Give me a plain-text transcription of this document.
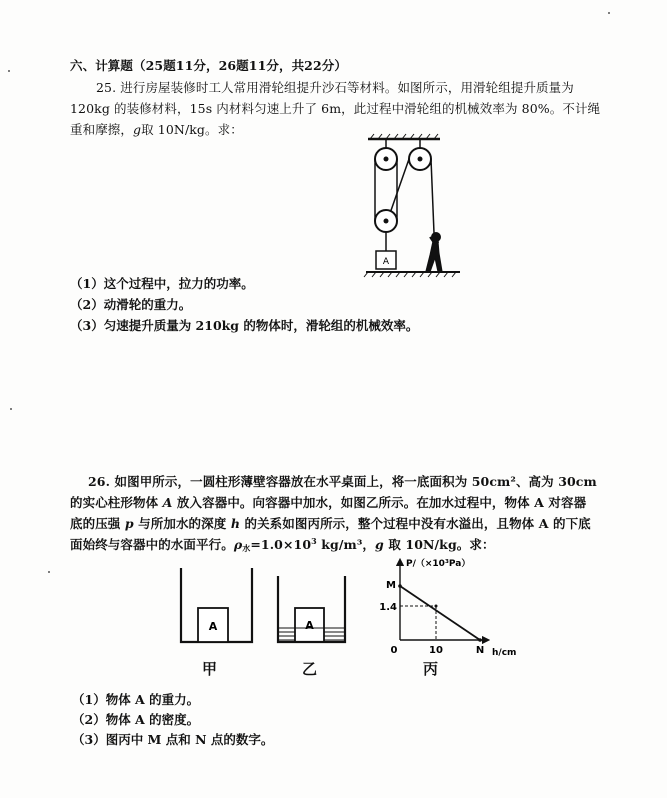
六、计算题（25题11分，26题11分，共22分）
25. 进行房屋装修时工人常用滑轮组提升沙石等材料。如图所示，用滑轮组提升质量为
120kg 的装修材料，15s 内材料匀速上升了 6m，此过程中滑轮组的机械效率为 80%。不计绳
重和摩擦，g取 10N/kg。求：
A
（1）这个过程中，拉力的功率。
（2）动滑轮的重力。
（3）匀速提升质量为 210kg 的物体时，滑轮组的机械效率。
26. 如图甲所示，一圆柱形薄壁容器放在水平桌面上，将一底面积为 50cm²、高为 30cm
的实心柱形物体 A 放入容器中。向容器中加水，如图乙所示。在加水过程中，物体 A 对容器
底的压强 p 与所加水的深度 h 的关系如图丙所示，整个过程中没有水溢出，且物体 A 的下底
面始终与容器中的水面平行。$\rho_水=1.0\times 10^3$ kg/m³，g 取 10N/kg。求：
A	A
P/（×10³Pa）
h/cm
M
1.4
0	10	N
甲	乙	丙
（1）物体 A 的重力。
（2）物体 A 的密度。
（3）图丙中 M 点和 N 点的数字。
